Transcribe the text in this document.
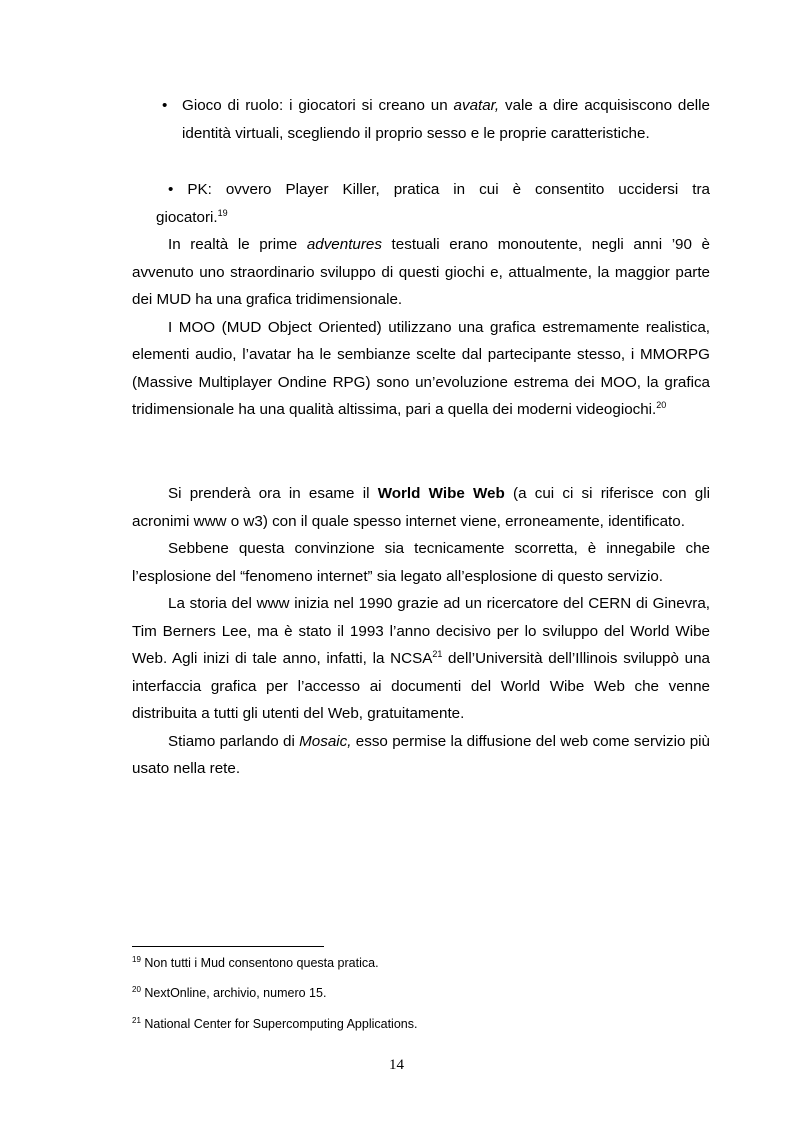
• Gioco di ruolo: i giocatori si creano un avatar, vale a dire acquisiscono delle identità virtuali, scegliendo il proprio sesso e le proprie caratteristiche.
• PK: ovvero Player Killer, pratica in cui è consentito uccidersi tra
giocatori.$^{19}$

In realtà le prime adventures testuali erano monoutente, negli anni ’90 è avvenuto uno straordinario sviluppo di questi giochi e, attualmente, la maggior parte dei MUD ha una grafica tridimensionale.

I MOO (MUD Object Oriented) utilizzano una grafica estremamente realistica, elementi audio, l’avatar ha le sembianze scelte dal partecipante stesso, i MMORPG (Massive Multiplayer Ondine RPG) sono un’evoluzione estrema dei MOO, la grafica tridimensionale ha una qualità altissima, pari a quella dei moderni videogiochi.$^{20}$

Si prenderà ora in esame il World Wibe Web (a cui ci si riferisce con gli acronimi www o w3) con il quale spesso internet viene, erroneamente, identificato.

Sebbene questa convinzione sia tecnicamente scorretta, è innegabile che l’esplosione del “fenomeno internet” sia legato all’esplosione di questo servizio.

La storia del www inizia nel 1990 grazie ad un ricercatore del CERN di Ginevra, Tim Berners Lee, ma è stato il 1993 l’anno decisivo per lo sviluppo del World Wibe Web. Agli inizi di tale anno, infatti, la NCSA$^{21}$ dell’Università dell’Illinois sviluppò una interfaccia grafica per l’accesso ai documenti del World Wibe Web che venne distribuita a tutti gli utenti del Web, gratuitamente.

Stiamo parlando di Mosaic, esso permise la diffusione del web come servizio più usato nella rete.

$^{19}$ Non tutti i Mud consentono questa pratica.
$^{20}$ NextOnline, archivio, numero 15.
$^{21}$ National Center for Supercomputing Applications.
14
